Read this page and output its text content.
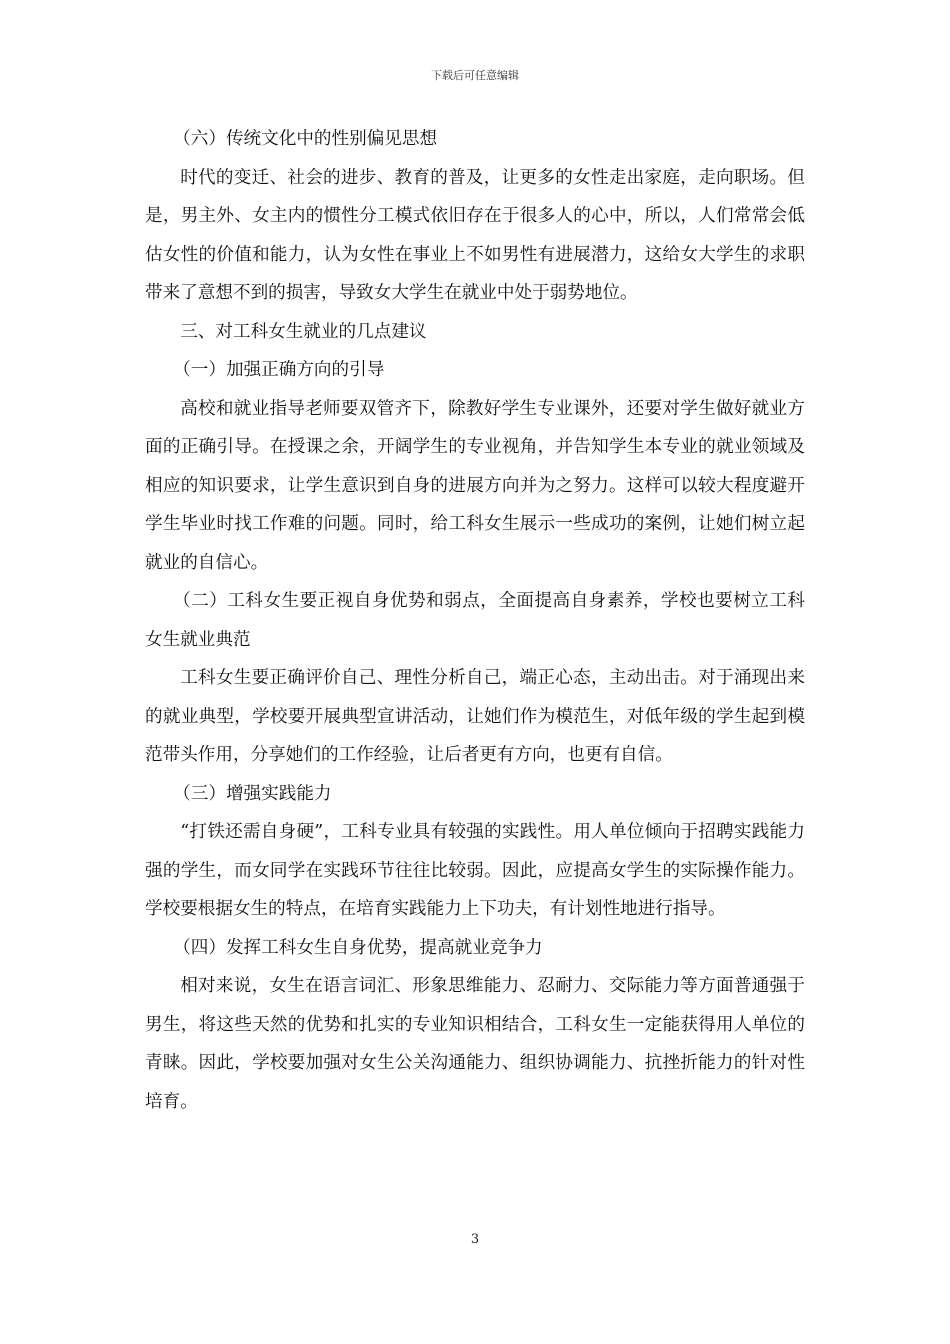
下载后可任意编辑

（六）传统文化中的性别偏见思想

时代的变迁、社会的进步、教育的普及，让更多的女性走出家庭，走向职场。但是，男主外、女主内的惯性分工模式依旧存在于很多人的心中，所以，人们常常会低估女性的价值和能力，认为女性在事业上不如男性有进展潜力，这给女大学生的求职带来了意想不到的损害，导致女大学生在就业中处于弱势地位。

三、对工科女生就业的几点建议

（一）加强正确方向的引导

高校和就业指导老师要双管齐下，除教好学生专业课外，还要对学生做好就业方面的正确引导。在授课之余，开阔学生的专业视角，并告知学生本专业的就业领域及相应的知识要求，让学生意识到自身的进展方向并为之努力。这样可以较大程度避开学生毕业时找工作难的问题。同时，给工科女生展示一些成功的案例，让她们树立起就业的自信心。

（二）工科女生要正视自身优势和弱点，全面提高自身素养，学校也要树立工科女生就业典范

工科女生要正确评价自己、理性分析自己，端正心态，主动出击。对于涌现出来的就业典型，学校要开展典型宣讲活动，让她们作为模范生，对低年级的学生起到模范带头作用，分享她们的工作经验，让后者更有方向，也更有自信。

（三）增强实践能力

“打铁还需自身硬”，工科专业具有较强的实践性。用人单位倾向于招聘实践能力强的学生，而女同学在实践环节往往比较弱。因此，应提高女学生的实际操作能力。学校要根据女生的特点，在培育实践能力上下功夫，有计划性地进行指导。

（四）发挥工科女生自身优势，提高就业竞争力

相对来说，女生在语言词汇、形象思维能力、忍耐力、交际能力等方面普通强于男生，将这些天然的优势和扎实的专业知识相结合，工科女生一定能获得用人单位的青睐。因此，学校要加强对女生公关沟通能力、组织协调能力、抗挫折能力的针对性培育。

3
